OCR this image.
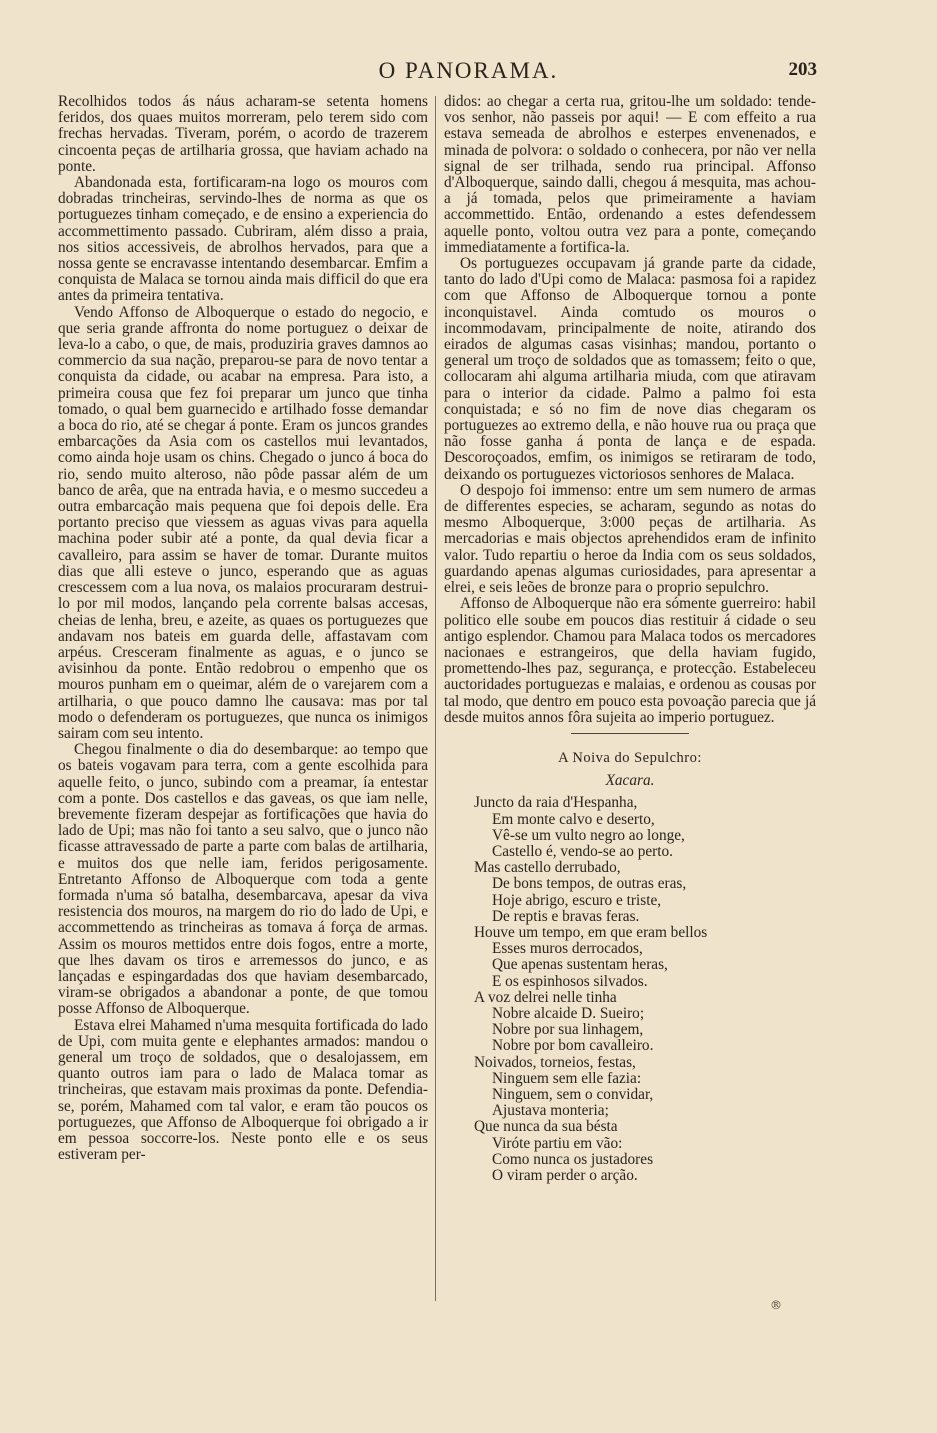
O PANORAMA.	203

Recolhidos todos ás náus acharam-se setenta homens feridos, dos quaes muitos morreram, pelo terem sido com frechas hervadas. Tiveram, porém, o acordo de trazerem cincoenta peças de artilharia grossa, que haviam achado na ponte.

Abandonada esta, fortificaram-na logo os mouros com dobradas trincheiras, servindo-lhes de norma as que os portuguezes tinham começado, e de ensino a experiencia do accommettimento passado. Cubriram, além disso a praia, nos sitios accessiveis, de abrolhos hervados, para que a nossa gente se encravasse intentando desembarcar. Emfim a conquista de Malaca se tornou ainda mais difficil do que era antes da primeira tentativa.

Vendo Affonso de Alboquerque o estado do negocio, e que seria grande affronta do nome portuguez o deixar de leva-lo a cabo, o que, de mais, produziria graves damnos ao commercio da sua nação, preparou-se para de novo tentar a conquista da cidade, ou acabar na empresa. Para isto, a primeira cousa que fez foi preparar um junco que tinha tomado, o qual bem guarnecido e artilhado fosse demandar a boca do rio, até se chegar á ponte. Eram os juncos grandes embarcações da Asia com os castellos mui levantados, como ainda hoje usam os chins. Chegado o junco á boca do rio, sendo muito alteroso, não pôde passar além de um banco de arêa, que na entrada havia, e o mesmo succedeu a outra embarcação mais pequena que foi depois delle. Era portanto preciso que viessem as aguas vivas para aquella machina poder subir até a ponte, da qual devia ficar a cavalleiro, para assim se haver de tomar. Durante muitos dias que alli esteve o junco, esperando que as aguas crescessem com a lua nova, os malaios procuraram destrui-lo por mil modos, lançando pela corrente balsas accesas, cheias de lenha, breu, e azeite, as quaes os portuguezes que andavam nos bateis em guarda delle, affastavam com arpéus. Cresceram finalmente as aguas, e o junco se avisinhou da ponte. Então redobrou o empenho que os mouros punham em o queimar, além de o varejarem com a artilharia, o que pouco damno lhe causava: mas por tal modo o defenderam os portuguezes, que nunca os inimigos sairam com seu intento.

Chegou finalmente o dia do desembarque: ao tempo que os bateis vogavam para terra, com a gente escolhida para aquelle feito, o junco, subindo com a preamar, ía entestar com a ponte. Dos castellos e das gaveas, os que iam nelle, brevemente fizeram despejar as fortificações que havia do lado de Upi; mas não foi tanto a seu salvo, que o junco não ficasse attravessado de parte a parte com balas de artilharia, e muitos dos que nelle iam, feridos perigosamente. Entretanto Affonso de Alboquerque com toda a gente formada n'uma só batalha, desembarcava, apesar da viva resistencia dos mouros, na margem do rio do lado de Upi, e accommettendo as trincheiras as tomava á força de armas. Assim os mouros mettidos entre dois fogos, entre a morte, que lhes davam os tiros e arremessos do junco, e as lançadas e espingardadas dos que haviam desembarcado, viram-se obrigados a abandonar a ponte, de que tomou posse Affonso de Alboquerque.

Estava elrei Mahamed n'uma mesquita fortificada do lado de Upi, com muita gente e elephantes armados: mandou o general um troço de soldados, que o desalojassem, em quanto outros iam para o lado de Malaca tomar as trincheiras, que estavam mais proximas da ponte. Defendia-se, porém, Mahamed com tal valor, e eram tão poucos os portuguezes, que Affonso de Alboquerque foi obrigado a ir em pessoa soccorre-los. Neste ponto elle e os seus estiveram per-

didos: ao chegar a certa rua, gritou-lhe um soldado: tende-vos senhor, não passeis por aqui! — E com effeito a rua estava semeada de abrolhos e esterpes envenenados, e minada de polvora: o soldado o conhecera, por não ver nella signal de ser trilhada, sendo rua principal. Affonso d'Alboquerque, saindo dalli, chegou á mesquita, mas achou-a já tomada, pelos que primeiramente a haviam accommettido. Então, ordenando a estes defendessem aquelle ponto, voltou outra vez para a ponte, começando immediatamente a fortifica-la.

Os portuguezes occupavam já grande parte da cidade, tanto do lado d'Upi como de Malaca: pasmosa foi a rapidez com que Affonso de Alboquerque tornou a ponte inconquistavel. Ainda comtudo os mouros o incommodavam, principalmente de noite, atirando dos eirados de algumas casas visinhas; mandou, portanto o general um troço de soldados que as tomassem; feito o que, collocaram ahi alguma artilharia miuda, com que atiravam para o interior da cidade. Palmo a palmo foi esta conquistada; e só no fim de nove dias chegaram os portuguezes ao extremo della, e não houve rua ou praça que não fosse ganha á ponta de lança e de espada. Descoroçoados, emfim, os inimigos se retiraram de todo, deixando os portuguezes victoriosos senhores de Malaca.

O despojo foi immenso: entre um sem numero de armas de differentes especies, se acharam, segundo as notas do mesmo Alboquerque, 3:000 peças de artilharia. As mercadorias e mais objectos aprehendidos eram de infinito valor. Tudo repartiu o heroe da India com os seus soldados, guardando apenas algumas curiosidades, para apresentar a elrei, e seis leões de bronze para o proprio sepulchro.

Affonso de Alboquerque não era sómente guerreiro: habil politico elle soube em poucos dias restituir á cidade o seu antigo esplendor. Chamou para Malaca todos os mercadores nacionaes e estrangeiros, que della haviam fugido, promettendo-lhes paz, segurança, e protecção. Estabeleceu auctoridades portuguezas e malaias, e ordenou as cousas por tal modo, que dentro em pouco esta povoação parecia que já desde muitos annos fôra sujeita ao imperio portuguez.

A Noiva do Sepulchro:
Xacara.
Juncto da raia d'Hespanha,
Em monte calvo e deserto,
Vê-se um vulto negro ao longe,
Castello é, vendo-se ao perto.
Mas castello derrubado,
De bons tempos, de outras eras,
Hoje abrigo, escuro e triste,
De reptis e bravas feras.
Houve um tempo, em que eram bellos
Esses muros derrocados,
Que apenas sustentam heras,
E os espinhosos silvados.
A voz delrei nelle tinha
Nobre alcaide D. Sueiro;
Nobre por sua linhagem,
Nobre por bom cavalleiro.
Noivados, torneios, festas,
Ninguem sem elle fazia:
Ninguem, sem o convidar,
Ajustava monteria;
Que nunca da sua bésta
Viróte partiu em vão:
Como nunca os justadores
O viram perder o arção.
®
